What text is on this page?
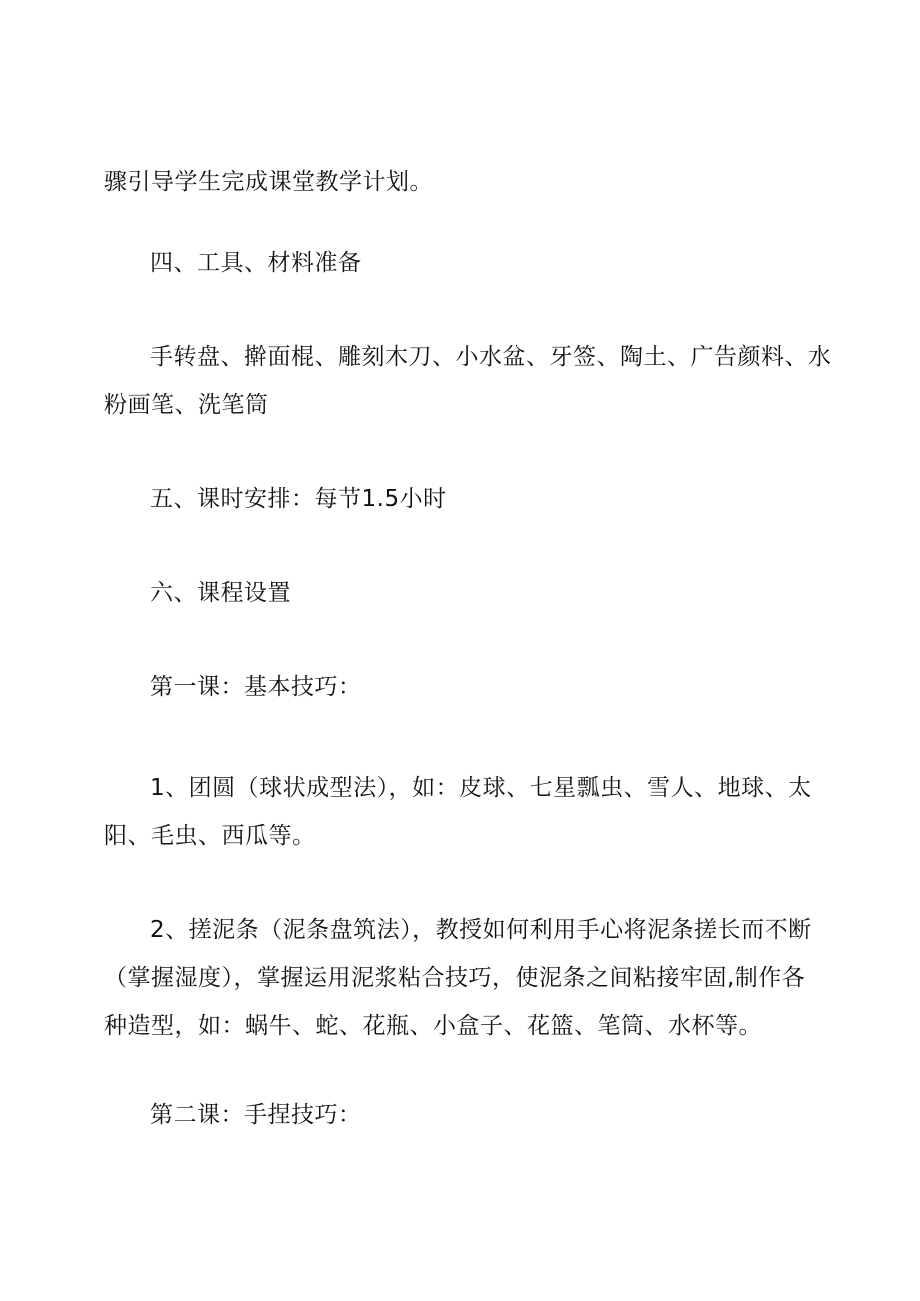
骤引导学生完成课堂教学计划。
四、工具、材料准备
手转盘、擀面棍、雕刻木刀、小水盆、牙签、陶土、广告颜料、水
粉画笔、洗笔筒
五、课时安排：每节1.5小时
六、课程设置
第一课：基本技巧：
1、团圆（球状成型法），如：皮球、七星瓢虫、雪人、地球、太
阳、毛虫、西瓜等。
2、搓泥条（泥条盘筑法），教授如何利用手心将泥条搓长而不断
（掌握湿度），掌握运用泥浆粘合技巧，使泥条之间粘接牢固,制作各
种造型，如：蜗牛、蛇、花瓶、小盒子、花篮、笔筒、水杯等。
第二课：手捏技巧：
